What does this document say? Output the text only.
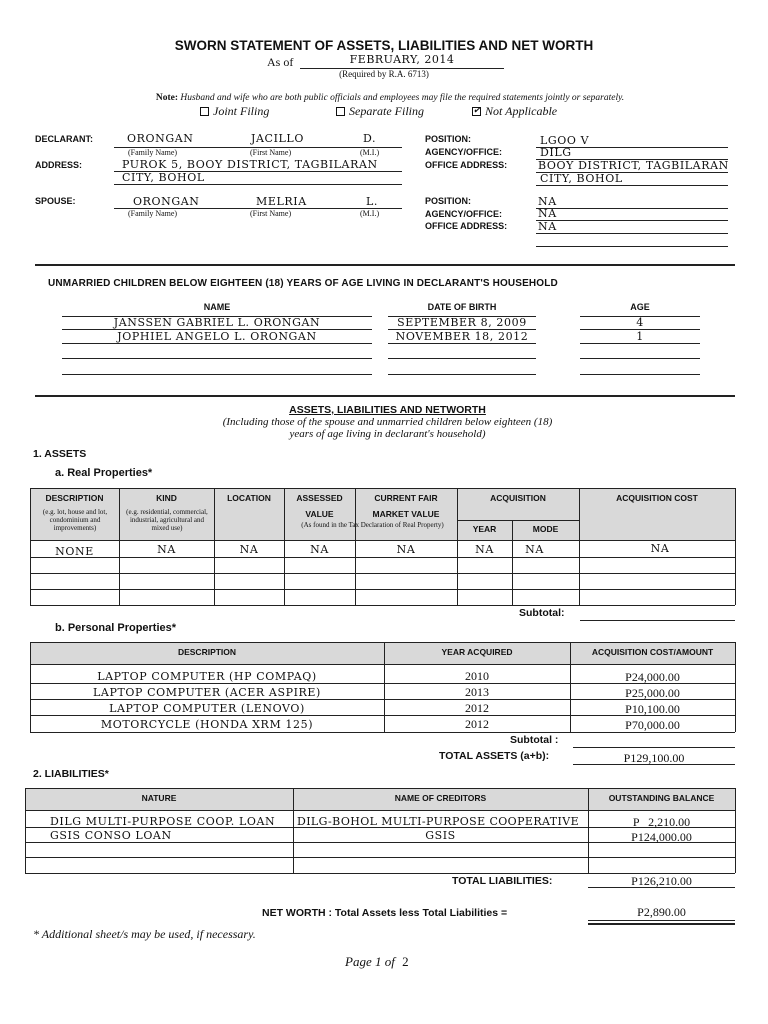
SWORN STATEMENT OF ASSETS, LIABILITIES AND NET WORTH
As of	FEBRUARY, 2014
(Required by R.A. 6713)
Note: Husband and wife who are both public officials and employees may file the required statements jointly or separately.
Joint Filing	Separate Filing
✔	Not Applicable
DECLARANT:	ORONGAN	JACILLO	D.
(Family Name)	(First Name)	(M.I.)
ADDRESS:	PUROK 5, BOOY DISTRICT, TAGBILARAN
CITY, BOHOL
POSITION:	LGOO V
AGENCY/OFFICE:	DILG
OFFICE ADDRESS:	BOOY DISTRICT, TAGBILARAN
CITY, BOHOL
SPOUSE:	ORONGAN	MELRIA	L.
(Family Name)	(First Name)	(M.I.)
POSITION:	NA
AGENCY/OFFICE:	NA
OFFICE ADDRESS:	NA
UNMARRIED CHILDREN BELOW EIGHTEEN (18) YEARS OF AGE LIVING IN DECLARANT'S HOUSEHOLD
NAME	DATE OF BIRTH	AGE
JANSSEN GABRIEL L. ORONGAN	SEPTEMBER 8, 2009	4
JOPHIEL ANGELO L. ORONGAN	NOVEMBER 18, 2012	1
ASSETS, LIABILITIES AND NETWORTH
(Including those of the spouse and unmarried children below eighteen (18)
years of age living in declarant's household)
1. ASSETS
a. Real Properties*
DESCRIPTION
(e.g. lot, house and lot, condominium and improvements)
KIND
(e.g. residential, commercial, industrial, agricultural and mixed use)
LOCATION	ASSESSED
VALUE
CURRENT FAIR
MARKET VALUE
(As found in the Tax Declaration of Real Property)
ACQUISITION
YEAR	MODE
ACQUISITION COST
NONE	NA	NA	NA	NA	NA	NA	NA
Subtotal:
b. Personal Properties*
DESCRIPTION	YEAR ACQUIRED	ACQUISITION COST/AMOUNT
LAPTOP COMPUTER (HP COMPAQ)	2010	P24,000.00
LAPTOP COMPUTER (ACER ASPIRE)	2013	P25,000.00
LAPTOP COMPUTER (LENOVO)	2012	P10,100.00
MOTORCYCLE (HONDA XRM 125)	2012	P70,000.00
Subtotal :
TOTAL ASSETS (a+b):	P129,100.00
2. LIABILITIES*
NATURE	NAME OF CREDITORS	OUTSTANDING BALANCE
DILG MULTI-PURPOSE COOP. LOAN	DILG-BOHOL MULTI-PURPOSE COOPERATIVE	P   2,210.00
GSIS CONSO LOAN	GSIS	P124,000.00
TOTAL LIABILITIES:	P126,210.00
NET WORTH : Total Assets less Total Liabilities =	P2,890.00
* Additional sheet/s may be used, if necessary.
Page 1 of 2
